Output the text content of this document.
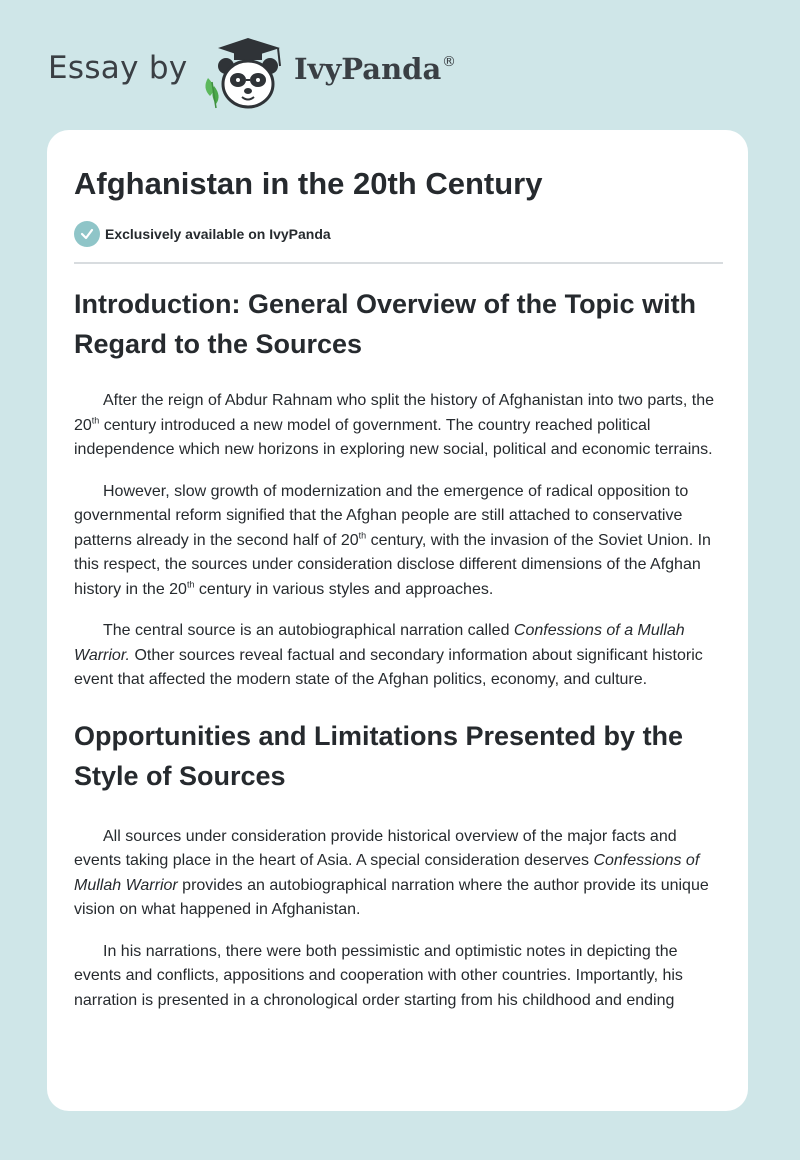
Essay by	IvyPanda ®
Afghanistan in the 20th Century
Exclusively available on IvyPanda
Introduction: General Overview of the Topic with Regard to the Sources

After the reign of Abdur Rahnam who split the history of Afghanistan into two parts, the 20th century introduced a new model of government. The country reached political independence which new horizons in exploring new social, political and economic terrains.

However, slow growth of modernization and the emergence of radical opposition to governmental reform signified that the Afghan people are still attached to conservative patterns already in the second half of 20th century, with the invasion of the Soviet Union. In this respect, the sources under consideration disclose different dimensions of the Afghan history in the 20th century in various styles and approaches.

The central source is an autobiographical narration called Confessions of a Mullah Warrior. Other sources reveal factual and secondary information about significant historic event that affected the modern state of the Afghan politics, economy, and culture.

Opportunities and Limitations Presented by the Style of Sources

All sources under consideration provide historical overview of the major facts and events taking place in the heart of Asia. A special consideration deserves Confessions of Mullah Warrior provides an autobiographical narration where the author provide its unique vision on what happened in Afghanistan.

In his narrations, there were both pessimistic and optimistic notes in depicting the events and conflicts, appositions and cooperation with other countries. Importantly, his narration is presented in a chronological order starting from his childhood and ending
